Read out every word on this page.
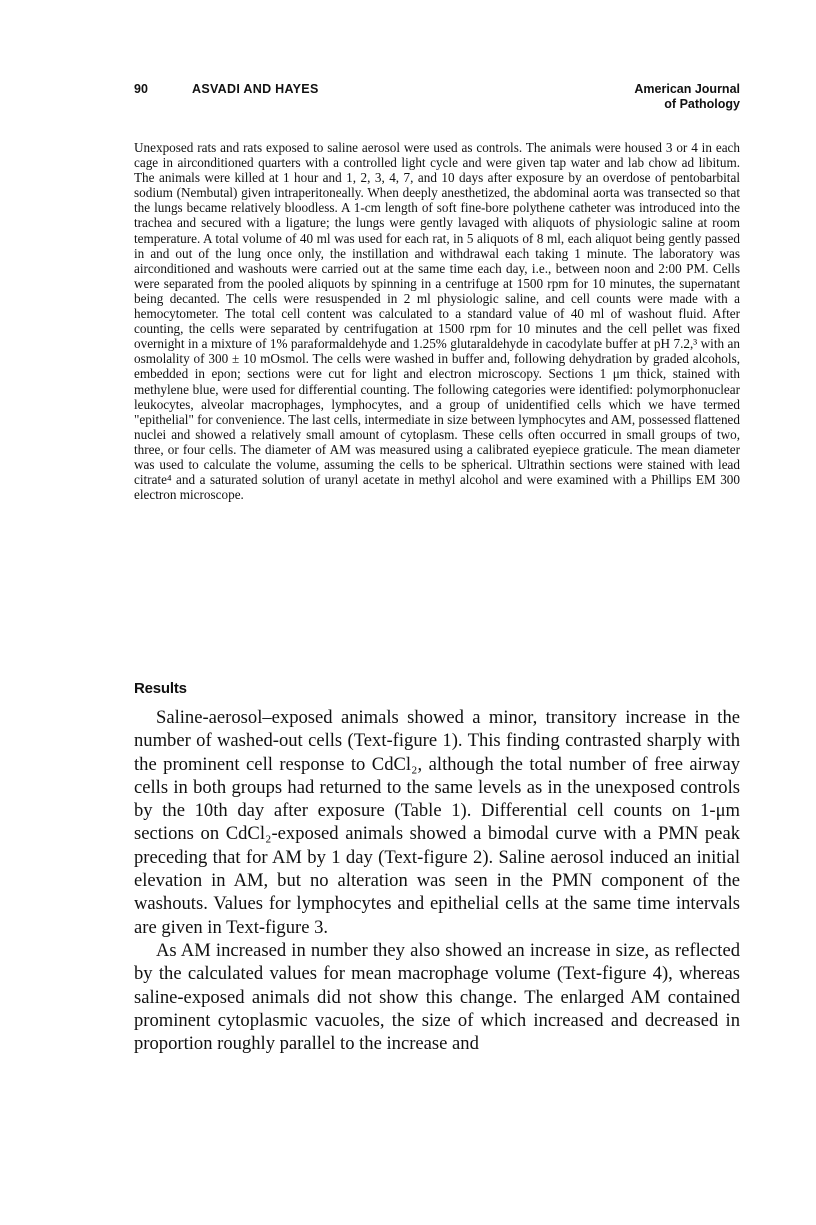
90	ASVADI AND HAYES	American Journal
of Pathology

Unexposed rats and rats exposed to saline aerosol were used as controls. The animals were housed 3 or 4 in each cage in airconditioned quarters with a controlled light cycle and were given tap water and lab chow ad libitum. The animals were killed at 1 hour and 1, 2, 3, 4, 7, and 10 days after exposure by an overdose of pentobarbital sodium (Nembutal) given intraperitoneally. When deeply anesthetized, the abdominal aorta was transected so that the lungs became relatively bloodless. A 1-cm length of soft fine-bore polythene catheter was introduced into the trachea and secured with a ligature; the lungs were gently lavaged with aliquots of physiologic saline at room temperature. A total volume of 40 ml was used for each rat, in 5 aliquots of 8 ml, each aliquot being gently passed in and out of the lung once only, the instillation and withdrawal each taking 1 minute. The laboratory was airconditioned and washouts were carried out at the same time each day, i.e., between noon and 2:00 PM. Cells were separated from the pooled aliquots by spinning in a centrifuge at 1500 rpm for 10 minutes, the supernatant being decanted. The cells were resuspended in 2 ml physiologic saline, and cell counts were made with a hemocytometer. The total cell content was calculated to a standard value of 40 ml of washout fluid. After counting, the cells were separated by centrifugation at 1500 rpm for 10 minutes and the cell pellet was fixed overnight in a mixture of 1% paraformaldehyde and 1.25% glutaraldehyde in cacodylate buffer at pH 7.2,³ with an osmolality of 300 ± 10 mOsmol. The cells were washed in buffer and, following dehydration by graded alcohols, embedded in epon; sections were cut for light and electron microscopy. Sections 1 μm thick, stained with methylene blue, were used for differential counting. The following categories were identified: polymorphonuclear leukocytes, alveolar macrophages, lymphocytes, and a group of unidentified cells which we have termed "epithelial" for convenience. The last cells, intermediate in size between lymphocytes and AM, possessed flattened nuclei and showed a relatively small amount of cytoplasm. These cells often occurred in small groups of two, three, or four cells. The diameter of AM was measured using a calibrated eyepiece graticule. The mean diameter was used to calculate the volume, assuming the cells to be spherical. Ultrathin sections were stained with lead citrate⁴ and a saturated solution of uranyl acetate in methyl alcohol and were examined with a Phillips EM 300 electron microscope.

Results

Saline-aerosol–exposed animals showed a minor, transitory increase in the number of washed-out cells (Text-figure 1). This finding contrasted sharply with the prominent cell response to CdCl₂, although the total number of free airway cells in both groups had returned to the same levels as in the unexposed controls by the 10th day after exposure (Table 1). Differential cell counts on 1-μm sections on CdCl₂-exposed animals showed a bimodal curve with a PMN peak preceding that for AM by 1 day (Text-figure 2). Saline aerosol induced an initial elevation in AM, but no alteration was seen in the PMN component of the washouts. Values for lymphocytes and epithelial cells at the same time intervals are given in Text-figure 3.

As AM increased in number they also showed an increase in size, as reflected by the calculated values for mean macrophage volume (Text-figure 4), whereas saline-exposed animals did not show this change. The enlarged AM contained prominent cytoplasmic vacuoles, the size of which increased and decreased in proportion roughly parallel to the increase and
